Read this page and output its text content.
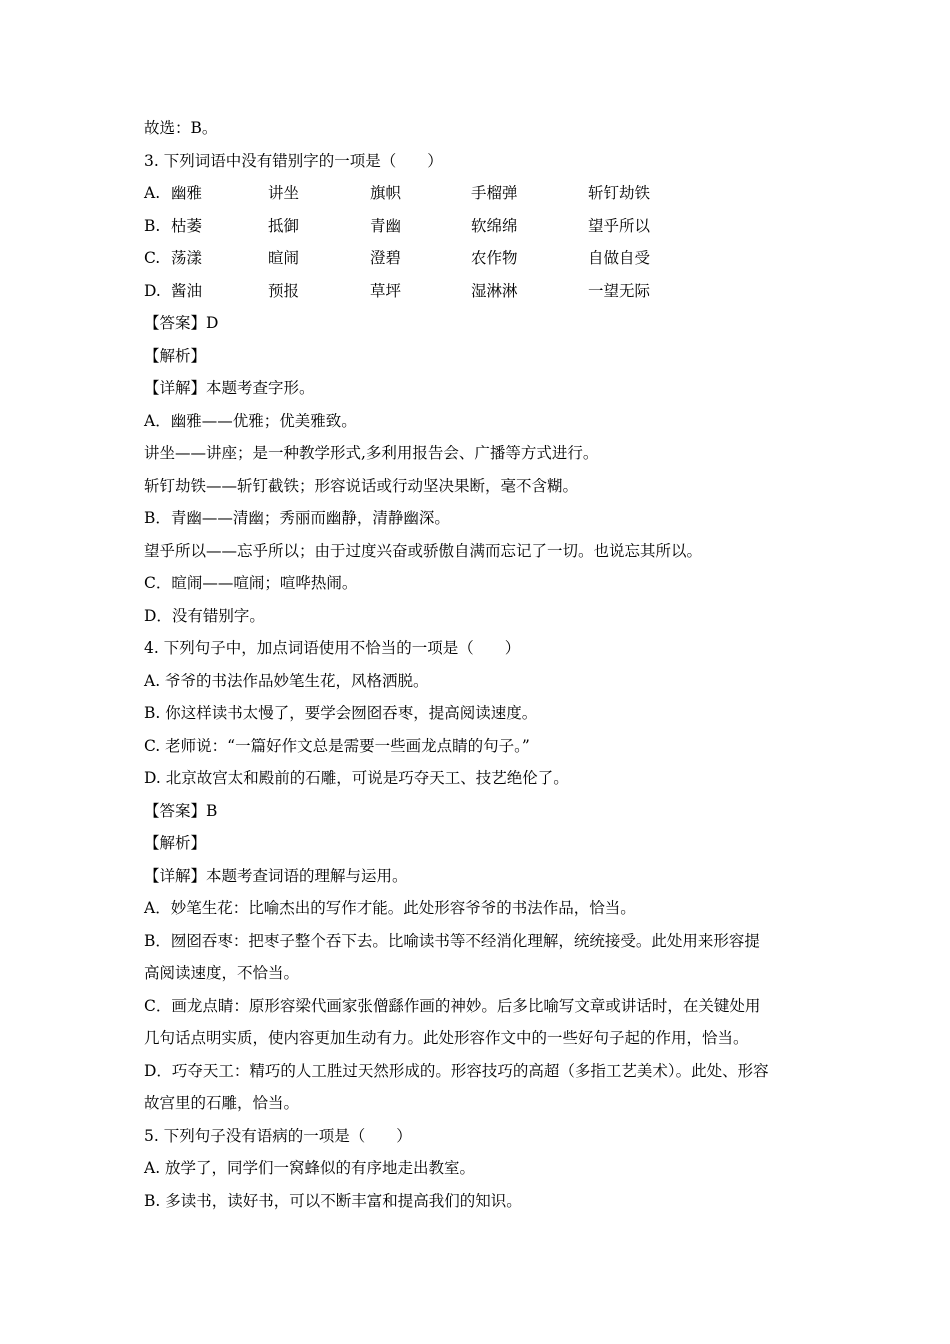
故选：B。
3. 下列词语中没有错别字的一项是（　　）
A. 幽雅	讲坐	旗帜	手榴弹	斩钉劫铁
B. 枯萎	抵御	青幽	软绵绵	望乎所以
C. 荡漾	暄闹	澄碧	农作物	自做自受
D. 酱油	预报	草坪	湿淋淋	一望无际
【答案】D
【解析】
【详解】本题考查字形。
A．幽雅——优雅；优美雅致。
讲坐——讲座；是一种教学形式,多利用报告会、广播等方式进行。
斩钉劫铁——斩钉截铁；形容说话或行动坚决果断，毫不含糊。
B．青幽——清幽；秀丽而幽静，清静幽深。
望乎所以——忘乎所以；由于过度兴奋或骄傲自满而忘记了一切。也说忘其所以。
C．暄闹——喧闹；喧哗热闹。
D．没有错别字。
4. 下列句子中，加点词语使用不恰当的一项是（　　）
A. 爷爷的书法作品妙笔生花，风格洒脱。
B. 你这样读书太慢了，要学会囫囵吞枣，提高阅读速度。
C. 老师说：“一篇好作文总是需要一些画龙点睛的句子。”
D. 北京故宫太和殿前的石雕，可说是巧夺天工、技艺绝伦了。
【答案】B
【解析】
【详解】本题考查词语的理解与运用。
A．妙笔生花：比喻杰出的写作才能。此处形容爷爷的书法作品，恰当。
B．囫囵吞枣：把枣子整个吞下去。比喻读书等不经消化理解，统统接受。此处用来形容提
高阅读速度，不恰当。
C．画龙点睛：原形容梁代画家张僧繇作画的神妙。后多比喻写文章或讲话时，在关键处用
几句话点明实质，使内容更加生动有力。此处形容作文中的一些好句子起的作用，恰当。
D．巧夺天工：精巧的人工胜过天然形成的。形容技巧的高超（多指工艺美术）。此处、形容
故宫里的石雕，恰当。
5. 下列句子没有语病的一项是（　　）
A. 放学了，同学们一窝蜂似的有序地走出教室。
B. 多读书，读好书，可以不断丰富和提高我们的知识。
